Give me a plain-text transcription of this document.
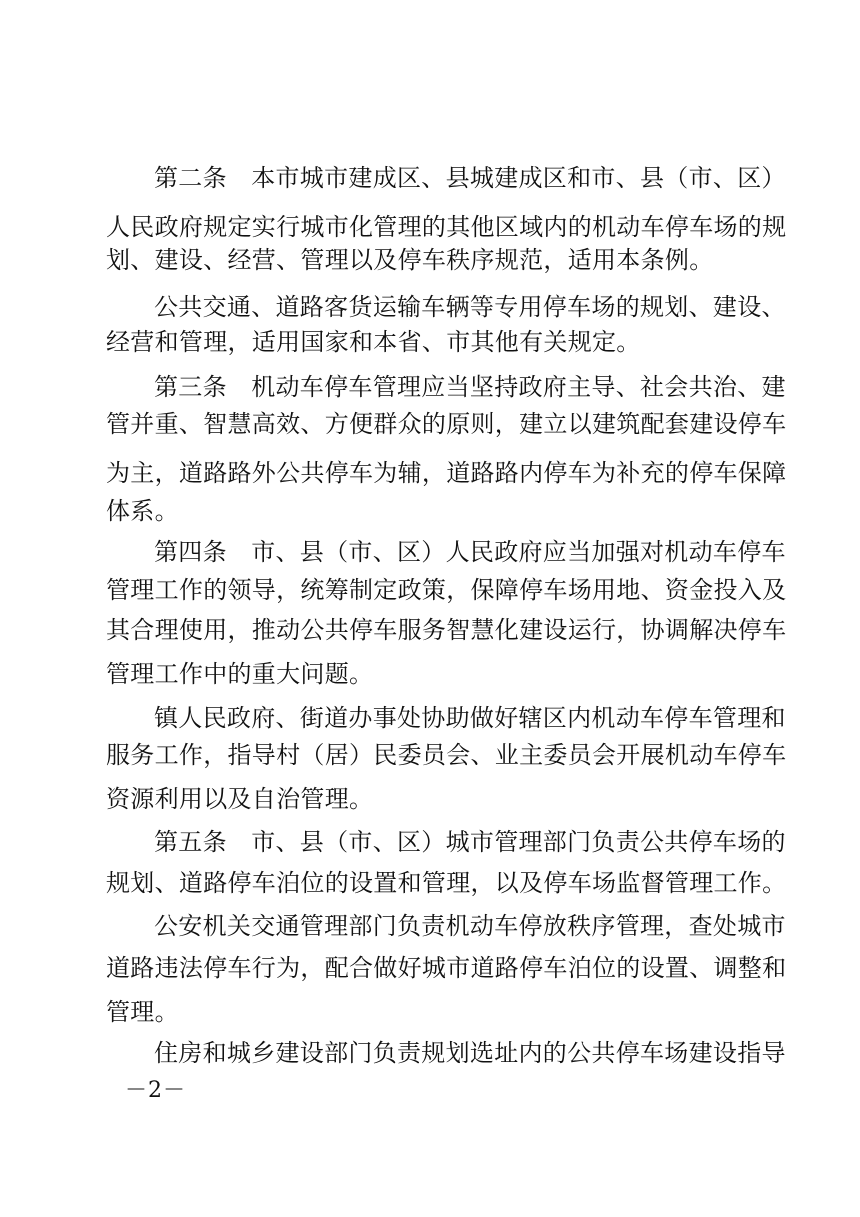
第二条　本市城市建成区、县城建成区和市、县（市、区）
人民政府规定实行城市化管理的其他区域内的机动车停车场的规
划、建设、经营、管理以及停车秩序规范，适用本条例。
公共交通、道路客货运输车辆等专用停车场的规划、建设、
经营和管理，适用国家和本省、市其他有关规定。
第三条　机动车停车管理应当坚持政府主导、社会共治、建
管并重、智慧高效、方便群众的原则，建立以建筑配套建设停车
为主，道路路外公共停车为辅，道路路内停车为补充的停车保障
体系。
第四条　市、县（市、区）人民政府应当加强对机动车停车
管理工作的领导，统筹制定政策，保障停车场用地、资金投入及
其合理使用，推动公共停车服务智慧化建设运行，协调解决停车
管理工作中的重大问题。
镇人民政府、街道办事处协助做好辖区内机动车停车管理和
服务工作，指导村（居）民委员会、业主委员会开展机动车停车
资源利用以及自治管理。
第五条　市、县（市、区）城市管理部门负责公共停车场的
规划、道路停车泊位的设置和管理，以及停车场监督管理工作。
公安机关交通管理部门负责机动车停放秩序管理，查处城市
道路违法停车行为，配合做好城市道路停车泊位的设置、调整和
管理。
住房和城乡建设部门负责规划选址内的公共停车场建设指导
－2－
